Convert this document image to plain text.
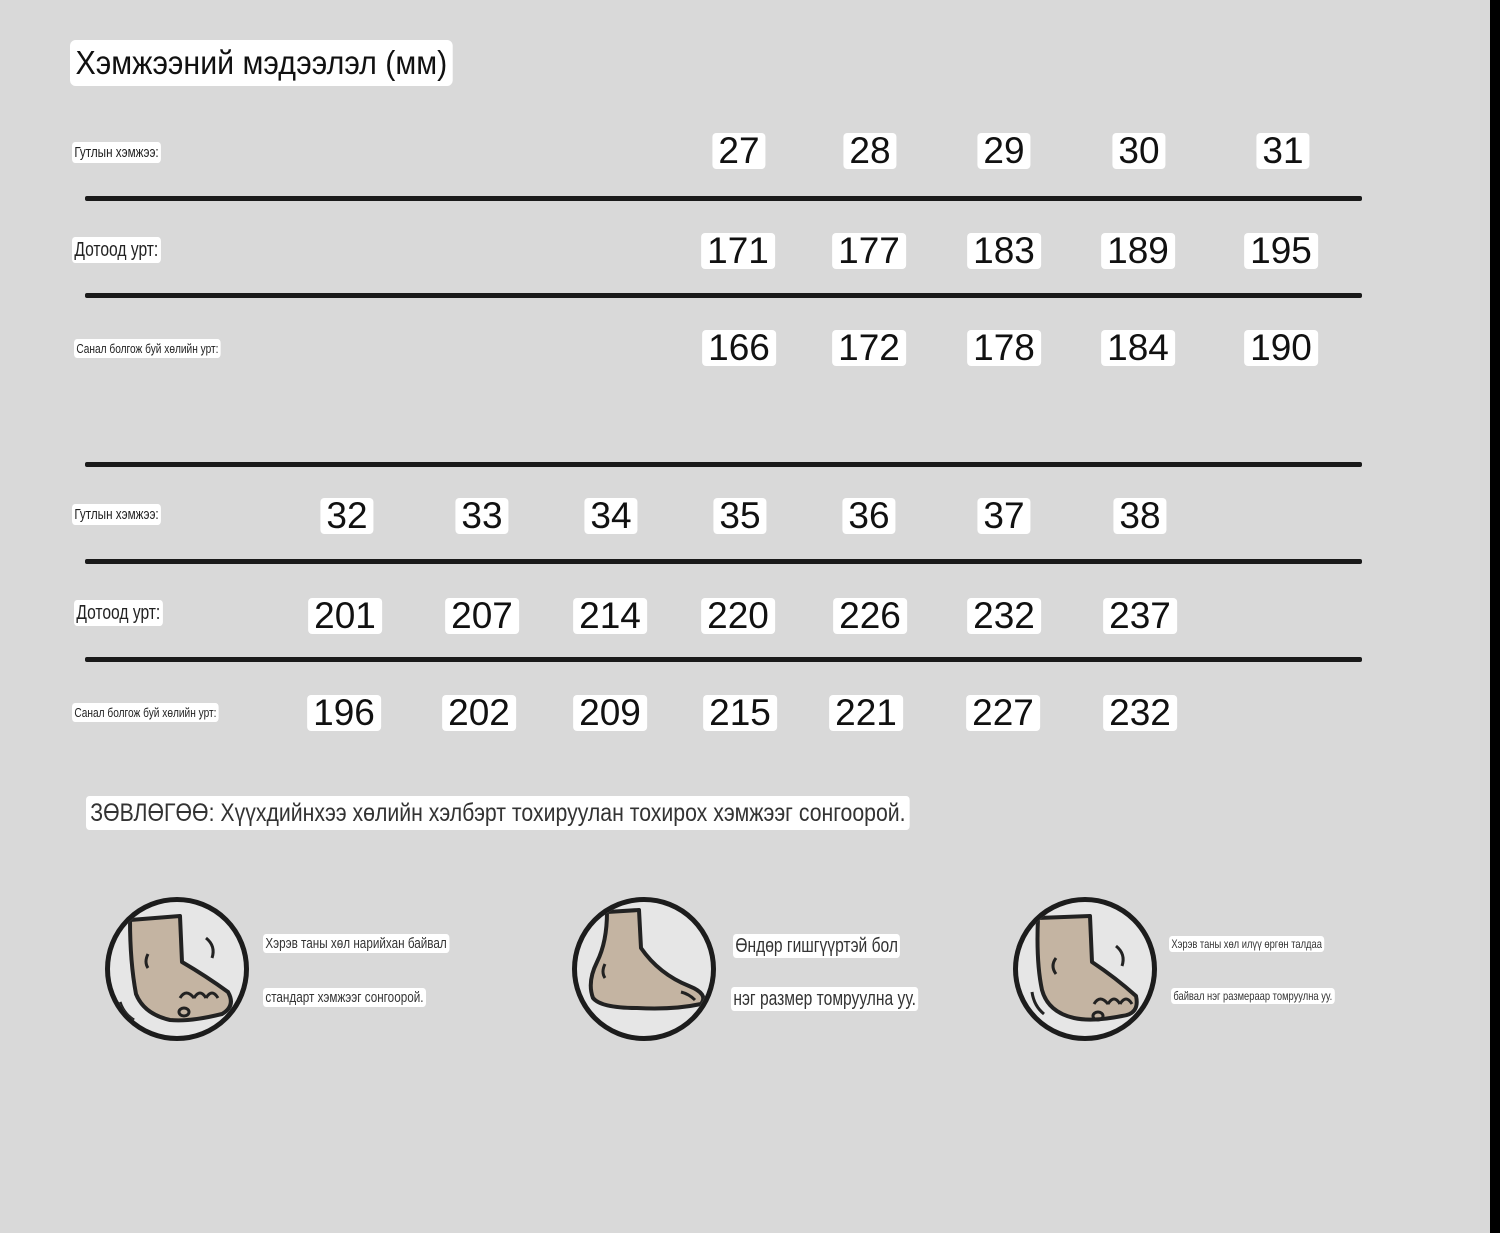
Хэмжээний мэдээлэл (мм)
Гутлын хэмжээ:	27 28	29	30	31
Дотоод урт:	171 177 183 189 195
Санал болгож буй хөлийн урт:	166 172 178 184 190
Гутлын хэмжээ:	32	33 34 35 36	37	38
Дотоод урт:	201 207 214 220 226 232 237
Санал болгож буй хөлийн урт:	196 202 209 215 221 227 232
ЗӨВЛӨГӨӨ: Хүүхдийнхээ хөлийн хэлбэрт тохируулан тохирох хэмжээг сонгоорой.
Хэрэв таны хөл нарийхан байвал
стандарт хэмжээг сонгоорой.
Өндөр гишгүүртэй бол
нэг размер томруулна уу.
Хэрэв таны хөл илүү өргөн талдаа
байвал нэг размераар томруулна уу.
